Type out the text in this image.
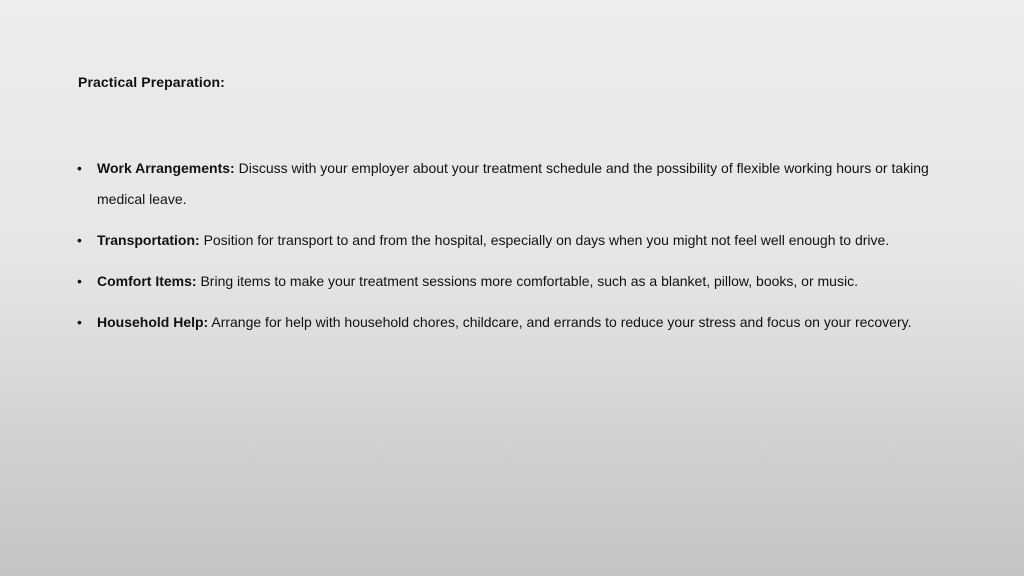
Practical Preparation:
• Work Arrangements: Discuss with your employer about your treatment schedule and the possibility of flexible working hours or taking medical leave.
• Transportation: Position for transport to and from the hospital, especially on days when you might not feel well enough to drive.
• Comfort Items: Bring items to make your treatment sessions more comfortable, such as a blanket, pillow, books, or music.
• Household Help: Arrange for help with household chores, childcare, and errands to reduce your stress and focus on your recovery.
